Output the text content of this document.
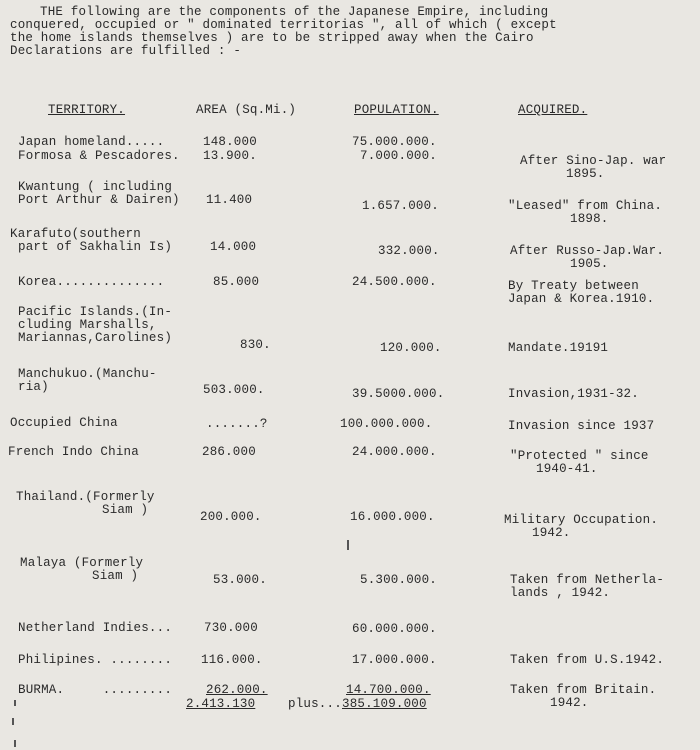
THE following are the components of the Japanese Empire, including
conquered, occupied or " dominated territorias ", all of which ( except
the home islands themselves ) are to be stripped away when the Cairo
Declarations are fulfilled : -
TERRITORY.	AREA (Sq.Mi.)	POPULATION.	ACQUIRED.
Japan homeland.....	148.000	75.000.000.
Formosa & Pescadores. 13.900.	7.000.000.	After Sino-Jap. war
1895.
Kwantung ( including
Port Arthur & Dairen) 11.400	1.657.000.	"Leased" from China.
1898.
Karafuto(southern
part of Sakhalin Is)	14.000	332.000.	After Russo-Jap.War.
1905.
Korea..............	85.000	24.500.000.	By Treaty between
Japan & Korea.1910.
Pacific Islands.(In-
cluding Marshalls,
Mariannas,Carolines)	830.	120.000.	Mandate.19191
Manchukuo.(Manchu-
ria)	503.000.	39.5000.000.	Invasion,1931-32.
Occupied China	.......?	100.000.000.	Invasion since 1937
French Indo China	286.000	24.000.000.	"Protected " since
1940-41.
Thailand.(Formerly
Siam )	200.000.	16.000.000.	Military Occupation.
1942.
Malaya (Formerly
Siam )	53.000.	5.300.000.	Taken from Netherla-
lands , 1942.
Netherland Indies...	730.000	60.000.000.
Philipines. ........ 116.000.	17.000.000.	Taken from U.S.1942.
BURMA.     .........	262.000.	14.700.000.	Taken from Britain.
1942.
2.413.130	plus... 385.109.000
